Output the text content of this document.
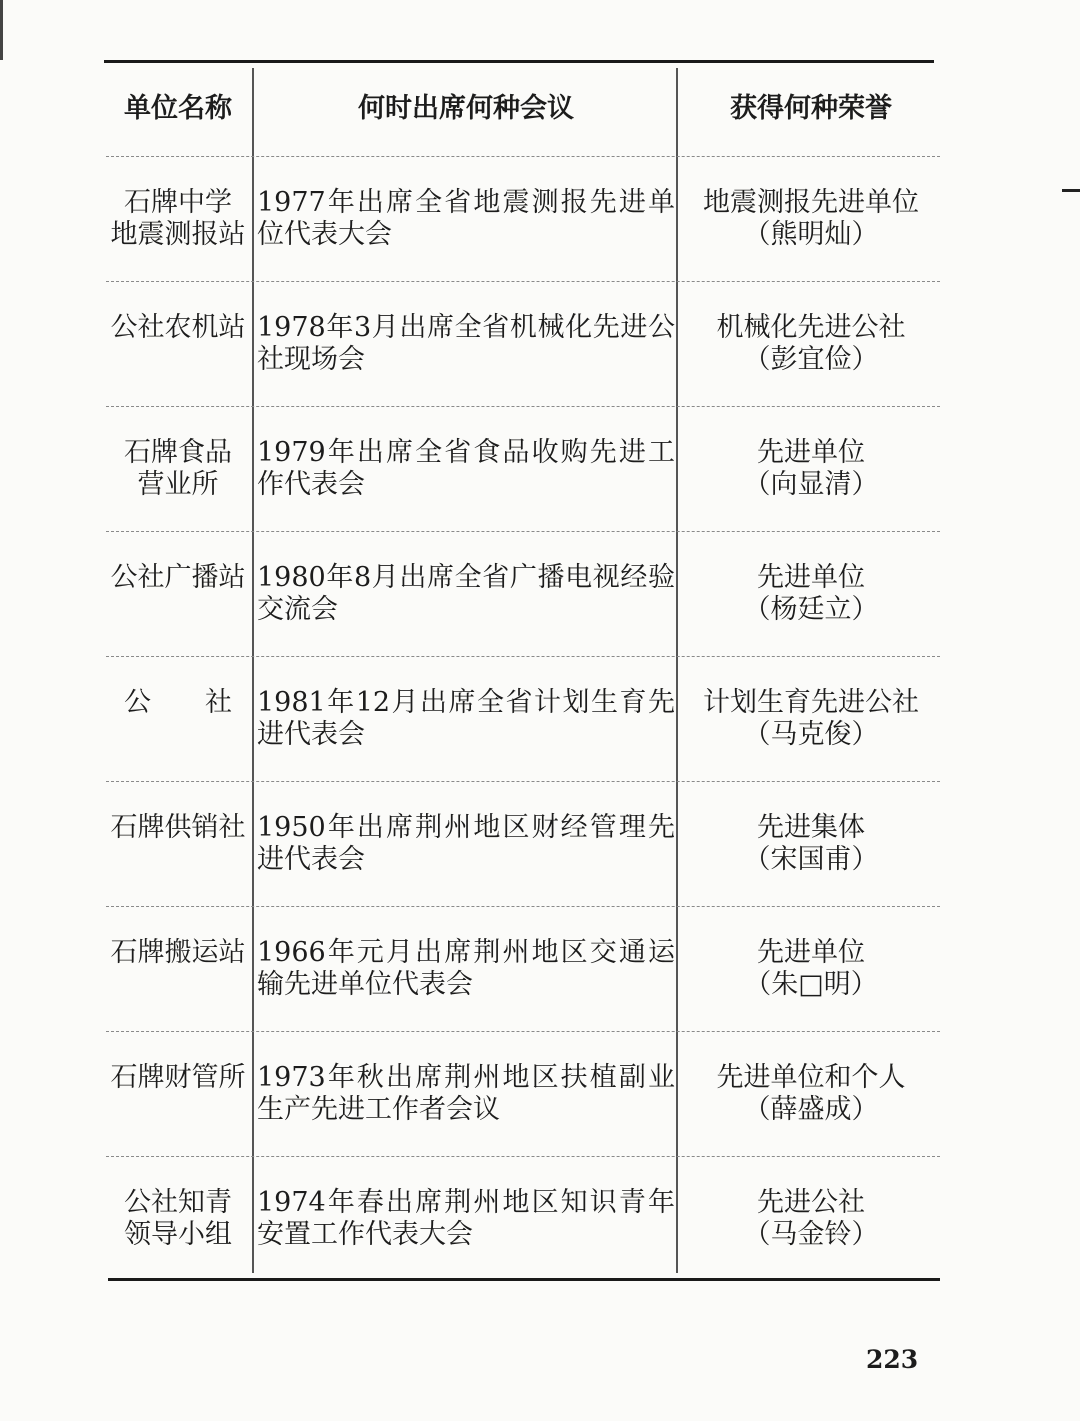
单位名称	何时出席何种会议	获得何种荣誉
石牌中学
地震测报站
1977年出席全省地震测报先进单位代表大会
地震测报先进单位
（熊明灿）
公社农机站 1978年3月出席全省机械化先进公社现场会
机械化先进公社
（彭宜俭）
石牌食品
营业所
1979年出席全省食品收购先进工作代表会
先进单位
（向显清）
公社广播站 1980年8月出席全省广播电视经验交流会
先进单位
（杨廷立）
公　　社 1981年12月出席全省计划生育先进代表会
计划生育先进公社
（马克俊）
石牌供销社 1950年出席荆州地区财经管理先进代表会
先进集体
（宋国甫）
石牌搬运站 1966年元月出席荆州地区交通运输先进单位代表会
先进单位
（朱□明）
石牌财管所 1973年秋出席荆州地区扶植副业生产先进工作者会议
先进单位和个人
（薛盛成）
公社知青
领导小组
1974年春出席荆州地区知识青年安置工作代表大会
先进公社
（马金铃）
223
